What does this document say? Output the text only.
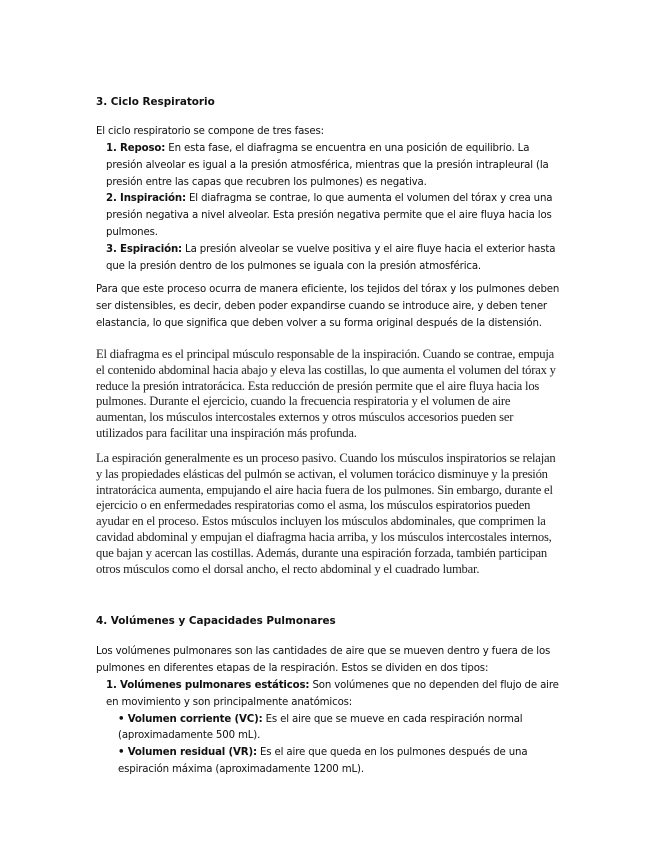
3. Ciclo Respiratorio

El ciclo respiratorio se compone de tres fases:

1. Reposo: En esta fase, el diafragma se encuentra en una posición de equilibrio. La presión alveolar es igual a la presión atmosférica, mientras que la presión intrapleural (la presión entre las capas que recubren los pulmones) es negativa.
2. Inspiración: El diafragma se contrae, lo que aumenta el volumen del tórax y crea una presión negativa a nivel alveolar. Esta presión negativa permite que el aire fluya hacia los pulmones.
3. Espiración: La presión alveolar se vuelve positiva y el aire fluye hacia el exterior hasta que la presión dentro de los pulmones se iguala con la presión atmosférica.

Para que este proceso ocurra de manera eficiente, los tejidos del tórax y los pulmones deben ser distensibles, es decir, deben poder expandirse cuando se introduce aire, y deben tener elastancia, lo que significa que deben volver a su forma original después de la distensión.

El diafragma es el principal músculo responsable de la inspiración. Cuando se contrae, empuja el contenido abdominal hacia abajo y eleva las costillas, lo que aumenta el volumen del tórax y reduce la presión intratorácica. Esta reducción de presión permite que el aire fluya hacia los pulmones. Durante el ejercicio, cuando la frecuencia respiratoria y el volumen de aire aumentan, los músculos intercostales externos y otros músculos accesorios pueden ser utilizados para facilitar una inspiración más profunda.

La espiración generalmente es un proceso pasivo. Cuando los músculos inspiratorios se relajan y las propiedades elásticas del pulmón se activan, el volumen torácico disminuye y la presión intratorácica aumenta, empujando el aire hacia fuera de los pulmones. Sin embargo, durante el ejercicio o en enfermedades respiratorias como el asma, los músculos espiratorios pueden ayudar en el proceso. Estos músculos incluyen los músculos abdominales, que comprimen la cavidad abdominal y empujan el diafragma hacia arriba, y los músculos intercostales internos, que bajan y acercan las costillas. Además, durante una espiración forzada, también participan otros músculos como el dorsal ancho, el recto abdominal y el cuadrado lumbar.

4. Volúmenes y Capacidades Pulmonares

Los volúmenes pulmonares son las cantidades de aire que se mueven dentro y fuera de los pulmones en diferentes etapas de la respiración. Estos se dividen en dos tipos:

1. Volúmenes pulmonares estáticos: Son volúmenes que no dependen del flujo de aire en movimiento y son principalmente anatómicos:
• Volumen corriente (VC): Es el aire que se mueve en cada respiración normal (aproximadamente 500 mL).
• Volumen residual (VR): Es el aire que queda en los pulmones después de una espiración máxima (aproximadamente 1200 mL).
